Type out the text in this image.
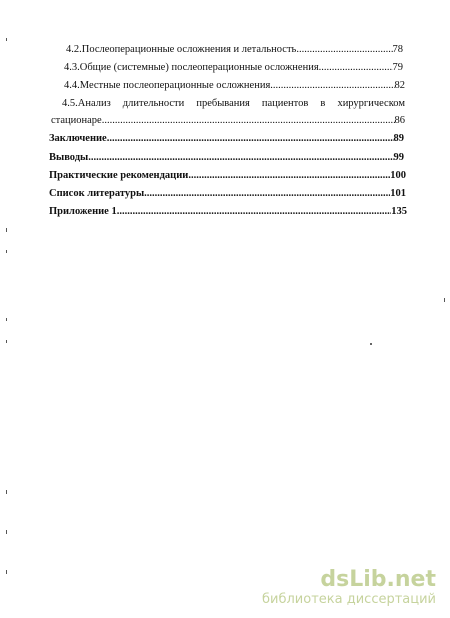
4.2.Послеоперационные осложнения и летальность .....	78
4.3.Общие (системные) послеоперационные осложнения .....	79
4.4.Местные послеоперационные осложнения .....	82
4.5.Анализ длительности пребывания пациентов в хирургическом
стационаре .....	86
Заключение .....	89
Выводы .....	99
Практические рекомендации .....	100
Список литературы .....	101
Приложение 1 .....	135
dsLib.net
библиотека диссертаций
